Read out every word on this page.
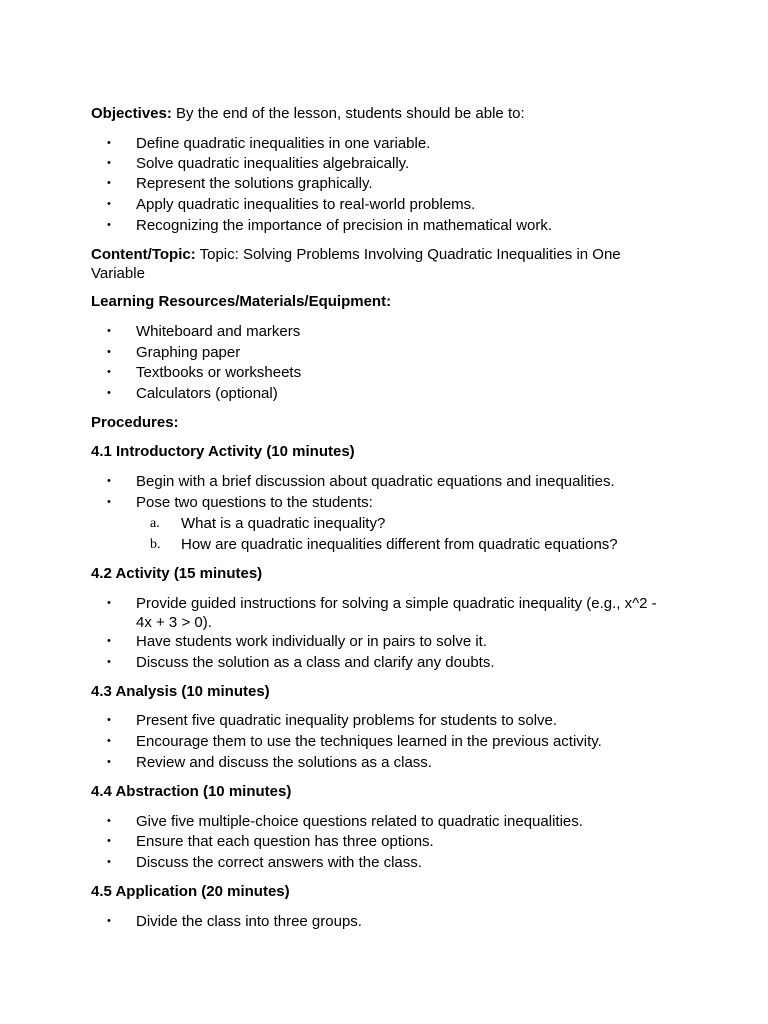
Objectives: By the end of the lesson, students should be able to:

• Define quadratic inequalities in one variable.
• Solve quadratic inequalities algebraically.
• Represent the solutions graphically.
• Apply quadratic inequalities to real-world problems.
• Recognizing the importance of precision in mathematical work.

Content/Topic: Topic: Solving Problems Involving Quadratic Inequalities in One Variable

Learning Resources/Materials/Equipment:

• Whiteboard and markers
• Graphing paper
• Textbooks or worksheets
• Calculators (optional)

Procedures:

4.1 Introductory Activity (10 minutes)

• Begin with a brief discussion about quadratic equations and inequalities.
• Pose two questions to the students:
a. What is a quadratic inequality?
b. How are quadratic inequalities different from quadratic equations?

4.2 Activity (15 minutes)

• Provide guided instructions for solving a simple quadratic inequality (e.g., x^2 - 4x + 3 > 0).
• Have students work individually or in pairs to solve it.
• Discuss the solution as a class and clarify any doubts.

4.3 Analysis (10 minutes)

• Present five quadratic inequality problems for students to solve.
• Encourage them to use the techniques learned in the previous activity.
• Review and discuss the solutions as a class.

4.4 Abstraction (10 minutes)

• Give five multiple-choice questions related to quadratic inequalities.
• Ensure that each question has three options.
• Discuss the correct answers with the class.

4.5 Application (20 minutes)

• Divide the class into three groups.
